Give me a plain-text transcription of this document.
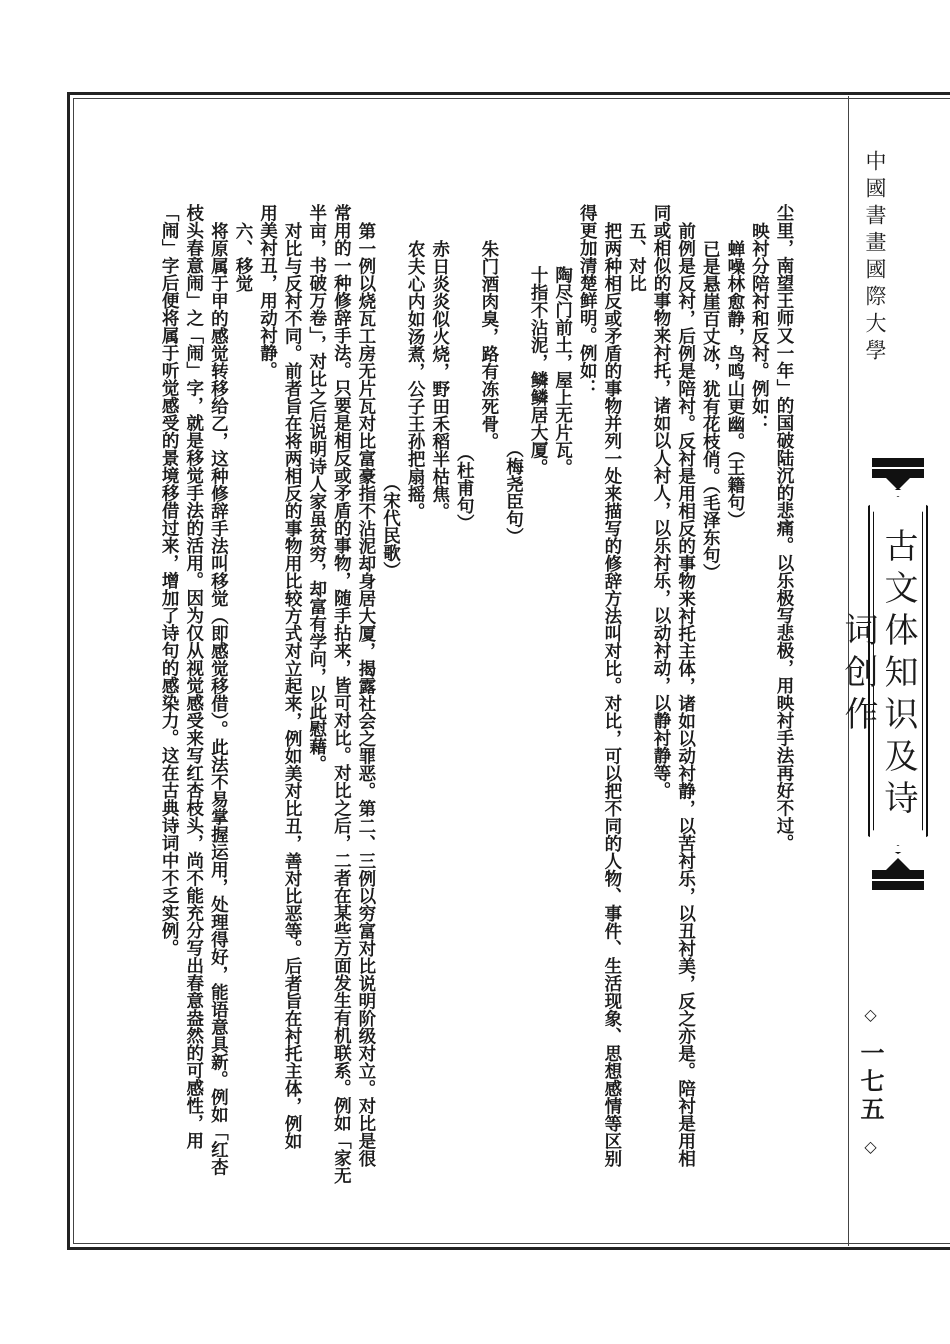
中國書畫國際大學
古文体知识及诗词创作
◇ 一七五 ◇
尘里，南望王师又一年」的国破陆沉的悲痛。以乐极写悲极，用映衬手法再好不过。
映衬分陪衬和反衬。例如：
蝉噪林愈静，鸟鸣山更幽。（王籍句）
已是悬崖百丈冰，犹有花枝俏。（毛泽东句）
前例是反衬，后例是陪衬。反衬是用相反的事物来衬托主体，诸如以动衬静，以苦衬乐，以丑衬美，反之亦是。陪衬是用相
同或相似的事物来衬托，诸如以人衬人，以乐衬乐，以动衬动，以静衬静等。
五、对比
把两种相反或矛盾的事物并列一处来描写的修辞方法叫对比。对比，可以把不同的人物、事件、生活现象、思想感情等区别
得更加清楚鲜明。例如：
陶尽门前土，屋上无片瓦。
十指不沾泥，鳞鳞居大厦。
（梅尧臣句）
朱门酒肉臭，路有冻死骨。
（杜甫句）
赤日炎炎似火烧，野田禾稻半枯焦。
农夫心内如汤煮，公子王孙把扇摇。
（宋代民歌）
第一例以烧瓦工房无片瓦对比富豪指不沾泥却身居大厦，揭露社会之罪恶。第二、三例以穷富对比说明阶级对立。对比是很
常用的一种修辞手法。只要是相反或矛盾的事物，随手拈来，皆可对比。对比之后，二者在某些方面发生有机联系。例如「家无
半亩，书破万卷」，对比之后说明诗人家虽贫穷，却富有学问，以此慰藉。
对比与反衬不同。前者旨在将两相反的事物用比较方式对立起来，例如美对比丑，善对比恶等。后者旨在衬托主体，例如
用美衬丑，用动衬静。
六、移觉
将原属于甲的感觉转移给乙，这种修辞手法叫移觉（即感觉移借）。此法不易掌握运用，处理得好，能语意具新。例如「红杏
枝头春意闹」之「闹」字，就是移觉手法的活用。因为仅从视觉感受来写红杏枝头，尚不能充分写出春意盎然的可感性，用
「闹」字后便将属于听觉感受的景境移借过来，增加了诗句的感染力。这在古典诗词中不乏实例。
